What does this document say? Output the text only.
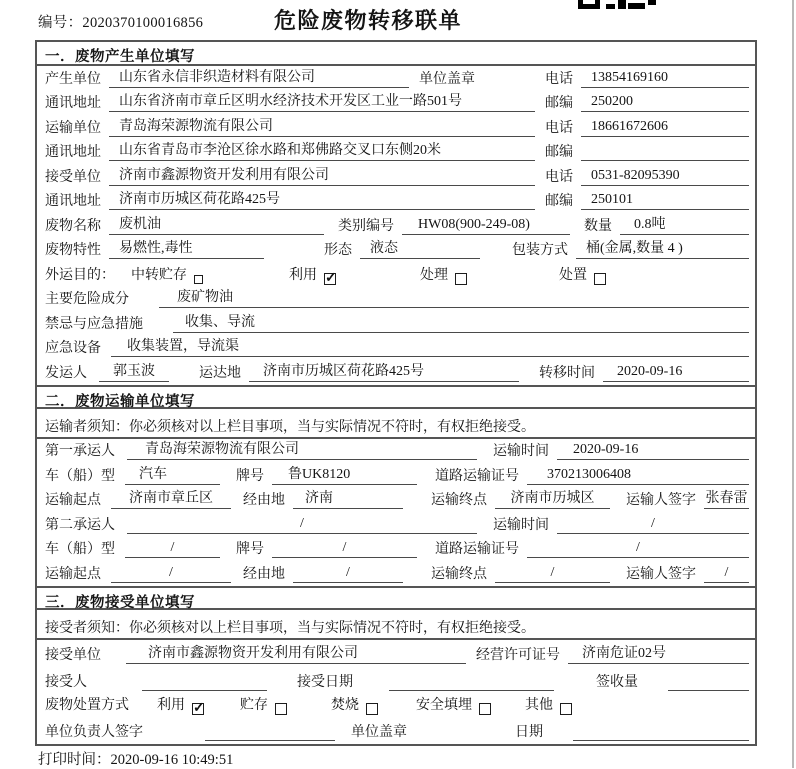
编号：2020370100016856	危险废物转移联单
一．废物产生单位填写
产生单位	山东省永信非织造材料有限公司	单位盖章	电话	13854169160
通讯地址	山东省济南市章丘区明水经济技术开发区工业一路501号	邮编	250200
运输单位	青岛海荣源物流有限公司	电话	18661672606
通讯地址	山东省青岛市李沧区徐水路和郑佛路交叉口东侧20米	邮编
接受单位	济南市鑫源物资开发利用有限公司	电话	0531-82095390
通讯地址	济南市历城区荷花路425号	邮编	250101
废物名称	废机油	类别编号	HW08(900-249-08)	数量	0.8吨
废物特性	易燃性,毒性	形态	液态	包装方式	桶(金属,数量 4 )
外运目的： 中转贮存	利用 ✓	处理	处置
主要危险成分	废矿物油
禁忌与应急措施	收集、导流
应急设备	收集装置，导流渠
发运人	郭玉波	运达地	济南市历城区荷花路425号	转移时间	2020-09-16
二．废物运输单位填写
运输者须知：你必须核对以上栏目事项，当与实际情况不符时，有权拒绝接受。
第一承运人	青岛海荣源物流有限公司	运输时间	2020-09-16
车（船）型	汽车	牌号	鲁UK8120	道路运输证号	370213006408
运输起点	济南市章丘区	经由地	济南	运输终点	济南市历城区	运输人签字 张春雷
第二承运人	/	运输时间	/
车（船）型	/	牌号	/	道路运输证号	/
运输起点	/	经由地	/	运输终点	/	运输人签字	/
三．废物接受单位填写
接受者须知：你必须核对以上栏目事项，当与实际情况不符时，有权拒绝接受。
接受单位	济南市鑫源物资开发利用有限公司	经营许可证号	济南危证02号
接受人	接受日期	签收量
废物处置方式 利用 ✓	贮存	焚烧	安全填埋	其他
单位负责人签字	单位盖章	日期
打印时间：2020-09-16 10:49:51
